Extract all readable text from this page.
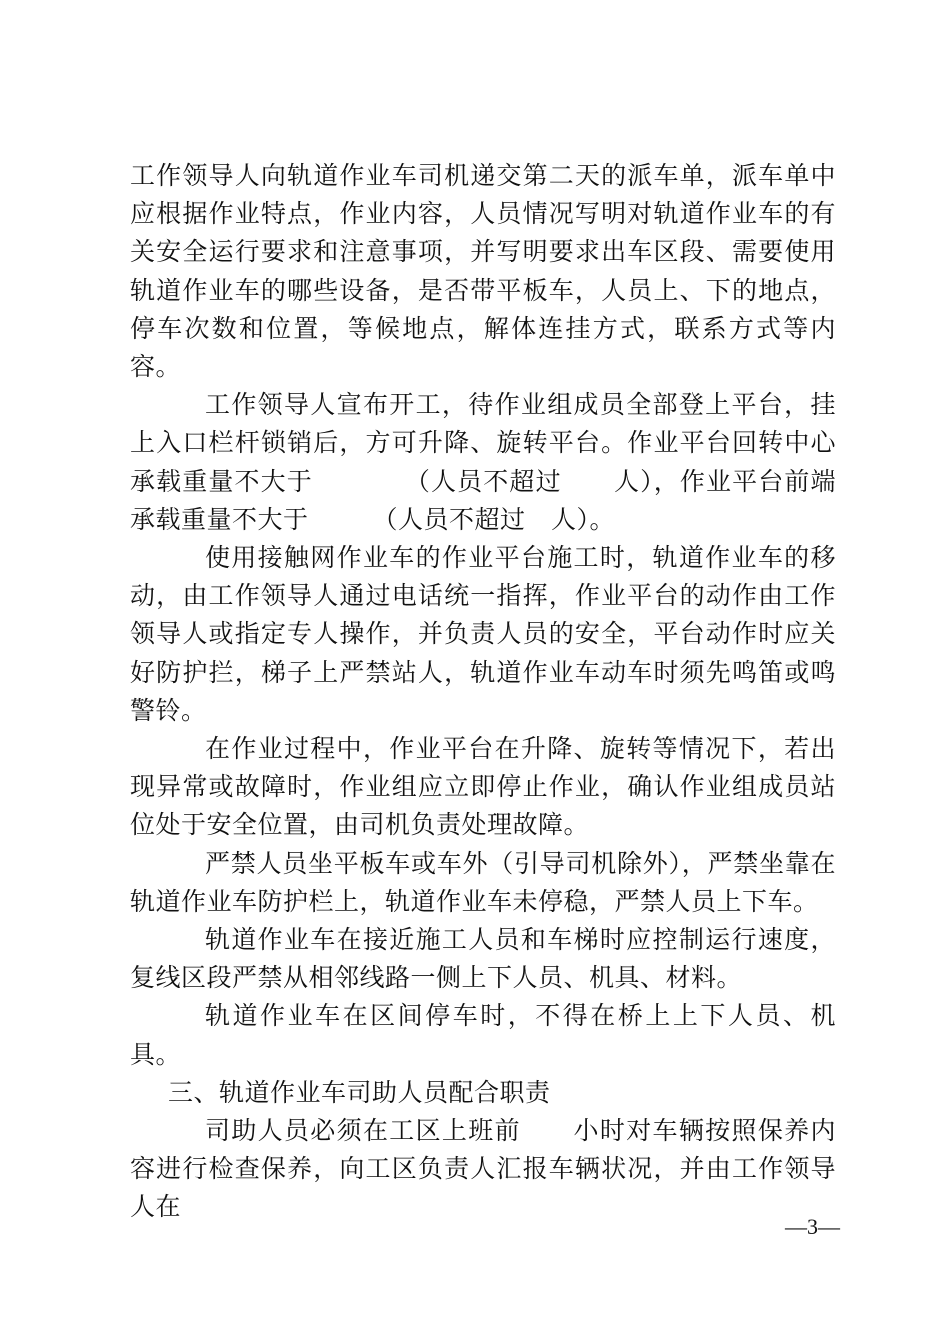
工作领导人向轨道作业车司机递交第二天的派车单，派车单中应根据作业特点，作业内容，人员情况写明对轨道作业车的有关安全运行要求和注意事项，并写明要求出车区段、需要使用轨道作业车的哪些设备，是否带平板车，人员上、下的地点，停车次数和位置，等候地点，解体连挂方式，联系方式等内容。

工作领导人宣布开工，待作业组成员全部登上平台，挂上入口栏杆锁销后，方可升降、旋转平台。作业平台回转中心承载重量不大于　　　　（人员不超过　　人），作业平台前端承载重量不大于　　　（人员不超过　人）。

使用接触网作业车的作业平台施工时，轨道作业车的移动，由工作领导人通过电话统一指挥，作业平台的动作由工作领导人或指定专人操作，并负责人员的安全，平台动作时应关好防护拦，梯子上严禁站人，轨道作业车动车时须先鸣笛或鸣警铃。

在作业过程中，作业平台在升降、旋转等情况下，若出现异常或故障时，作业组应立即停止作业，确认作业组成员站位处于安全位置，由司机负责处理故障。

严禁人员坐平板车或车外（引导司机除外），严禁坐靠在轨道作业车防护栏上，轨道作业车未停稳，严禁人员上下车。

轨道作业车在接近施工人员和车梯时应控制运行速度，复线区段严禁从相邻线路一侧上下人员、机具、材料。

轨道作业车在区间停车时，不得在桥上上下人员、机具。

三、轨道作业车司助人员配合职责

司助人员必须在工区上班前　　小时对车辆按照保养内容进行检查保养，向工区负责人汇报车辆状况，并由工作领导人在

—3—
